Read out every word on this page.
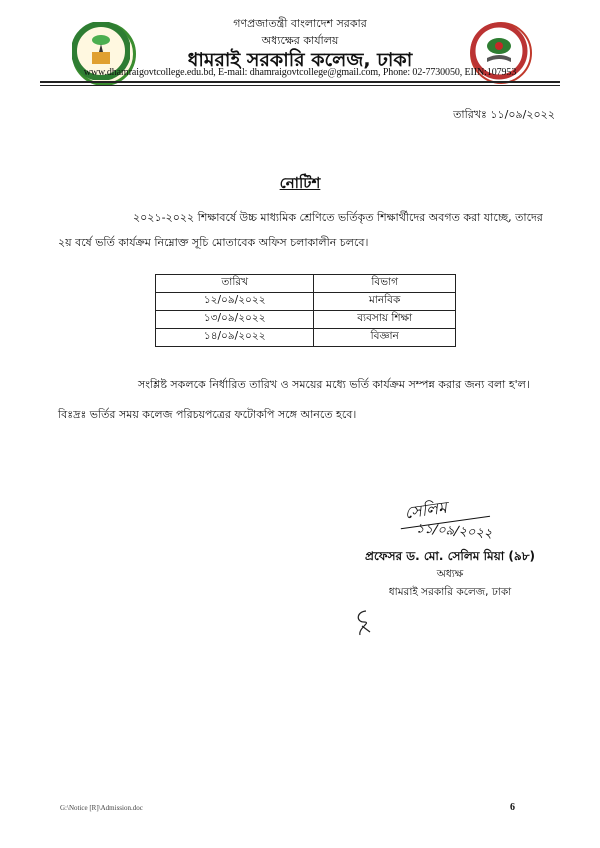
গণপ্রজাতন্ত্রী বাংলাদেশ সরকার
অধ্যক্ষের কার্যালয়
ধামরাই সরকারি কলেজ, ঢাকা
www.dhamraigovtcollege.edu.bd, E-mail: dhamraigovtcollege@gmail.com, Phone: 02-7730050, EIIN:107953
তারিখঃ ১১/০৯/২০২২
নোটিশ
২০২১-২০২২ শিক্ষাবর্ষে উচ্চ মাধ্যমিক শ্রেণিতে ভর্তিকৃত শিক্ষার্থীদের অবগত করা যাচ্ছে, তাদের ২য় বর্ষে ভর্তি কার্যক্রম নিম্নোক্ত সূচি মোতাবেক অফিস চলাকালীন চলবে।
তারিখ	বিভাগ
১২/০৯/২০২২	মানবিক
১৩/০৯/২০২২	ব্যবসায় শিক্ষা
১৪/০৯/২০২২	বিজ্ঞান
সংশ্লিষ্ট সকলকে নির্ধারিত তারিখ ও সময়ের মধ্যে ভর্তি কার্যক্রম সম্পন্ন করার জন্য বলা হ'ল।
বিঃদ্রঃ ভর্তির সময় কলেজ পরিচয়পত্রের ফটোকপি সঙ্গে আনতে হবে।
সেলিম
১১/০৯/২০২২
প্রফেসর ড. মো. সেলিম মিয়া (৯৮)
অধ্যক্ষ
ধামরাই সরকারি কলেজ, ঢাকা
G:\Notice [R]\Admission.doc	6
